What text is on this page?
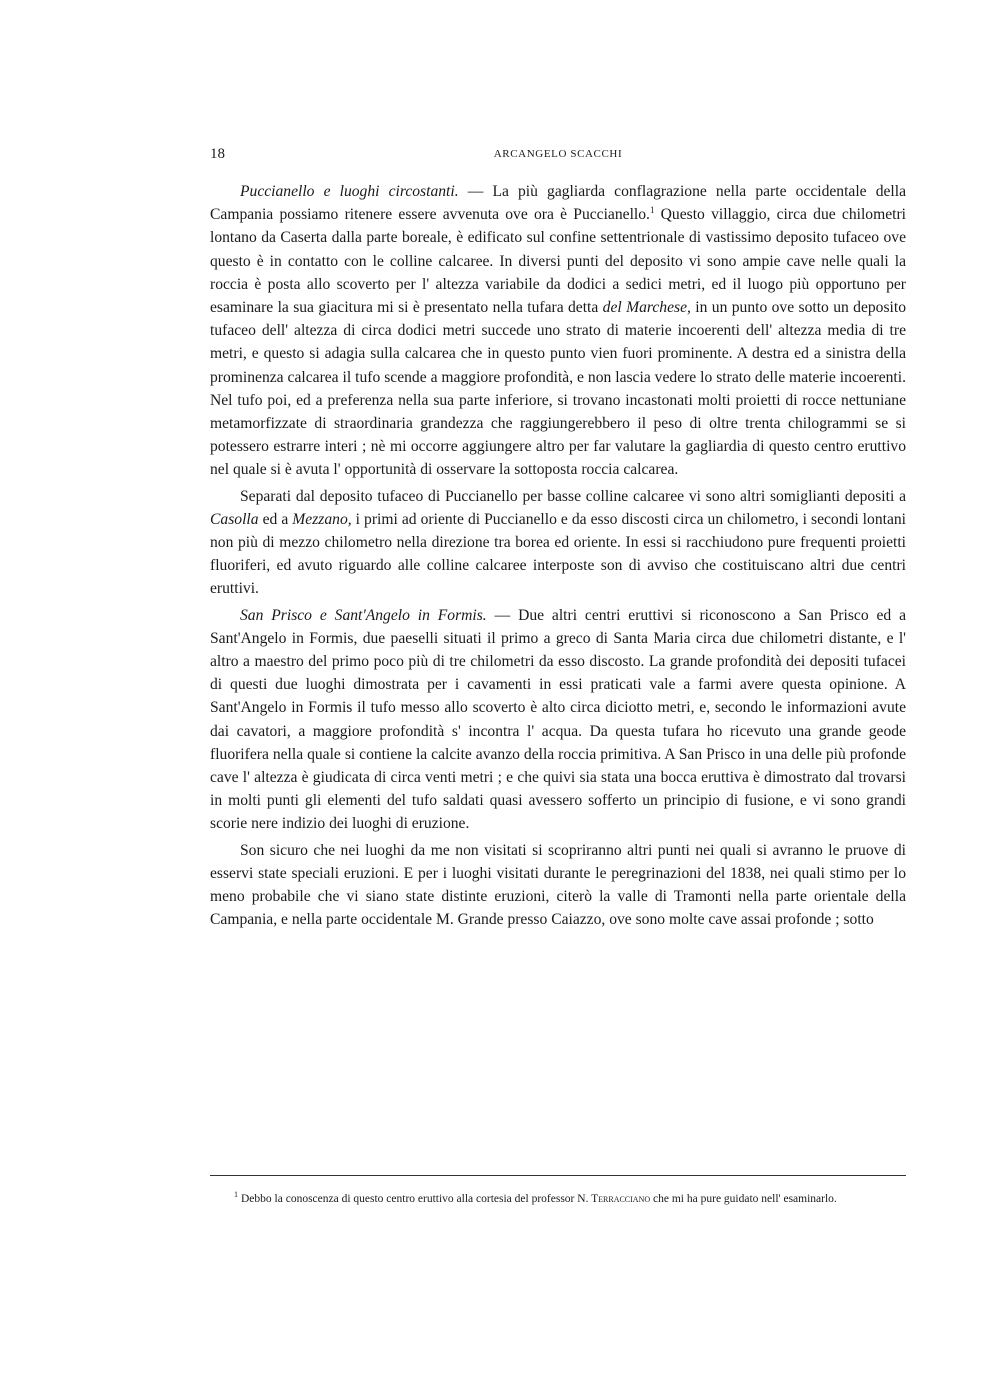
18	ARCANGELO SCACCHI

Puccianello e luoghi circostanti. — La più gagliarda conflagrazione nella parte occidentale della Campania possiamo ritenere essere avvenuta ove ora è Puccianello.$^1$ Questo villaggio, circa due chilometri lontano da Caserta dalla parte boreale, è edificato sul confine settentrionale di vastissimo deposito tufaceo ove questo è in contatto con le colline calcaree. In diversi punti del deposito vi sono ampie cave nelle quali la roccia è posta allo scoverto per l' altezza variabile da dodici a sedici metri, ed il luogo più opportuno per esaminare la sua giacitura mi si è presentato nella tufara detta del Marchese, in un punto ove sotto un deposito tufaceo dell' altezza di circa dodici metri succede uno strato di materie incoerenti dell' altezza media di tre metri, e questo si adagia sulla calcarea che in questo punto vien fuori prominente. A destra ed a sinistra della prominenza calcarea il tufo scende a maggiore profondità, e non lascia vedere lo strato delle materie incoerenti. Nel tufo poi, ed a preferenza nella sua parte inferiore, si trovano incastonati molti proietti di rocce nettuniane metamorfizzate di straordinaria grandezza che raggiungerebbero il peso di oltre trenta chilogrammi se si potessero estrarre interi ; nè mi occorre aggiungere altro per far valutare la gagliardia di questo centro eruttivo nel quale si è avuta l' opportunità di osservare la sottoposta roccia calcarea.

Separati dal deposito tufaceo di Puccianello per basse colline calcaree vi sono altri somiglianti depositi a Casolla ed a Mezzano, i primi ad oriente di Puccianello e da esso discosti circa un chilometro, i secondi lontani non più di mezzo chilometro nella direzione tra borea ed oriente. In essi si racchiudono pure frequenti proietti fluoriferi, ed avuto riguardo alle colline calcaree interposte son di avviso che costituiscano altri due centri eruttivi.

San Prisco e Sant'Angelo in Formis. — Due altri centri eruttivi si riconoscono a San Prisco ed a Sant'Angelo in Formis, due paeselli situati il primo a greco di Santa Maria circa due chilometri distante, e l' altro a maestro del primo poco più di tre chilometri da esso discosto. La grande profondità dei depositi tufacei di questi due luoghi dimostrata per i cavamenti in essi praticati vale a farmi avere questa opinione. A Sant'Angelo in Formis il tufo messo allo scoverto è alto circa diciotto metri, e, secondo le informazioni avute dai cavatori, a maggiore profondità s' incontra l' acqua. Da questa tufara ho ricevuto una grande geode fluorifera nella quale si contiene la calcite avanzo della roccia primitiva. A San Prisco in una delle più profonde cave l' altezza è giudicata di circa venti metri ; e che quivi sia stata una bocca eruttiva è dimostrato dal trovarsi in molti punti gli elementi del tufo saldati quasi avessero sofferto un principio di fusione, e vi sono grandi scorie nere indizio dei luoghi di eruzione.

Son sicuro che nei luoghi da me non visitati si scopriranno altri punti nei quali si avranno le pruove di esservi state speciali eruzioni. E per i luoghi visitati durante le peregrinazioni del 1838, nei quali stimo per lo meno probabile che vi siano state distinte eruzioni, citerò la valle di Tramonti nella parte orientale della Campania, e nella parte occidentale M. Grande presso Caiazzo, ove sono molte cave assai profonde ; sotto

$^1$ Debbo la conoscenza di questo centro eruttivo alla cortesia del professor N. Terracciano che mi ha pure guidato nell' esaminarlo.
